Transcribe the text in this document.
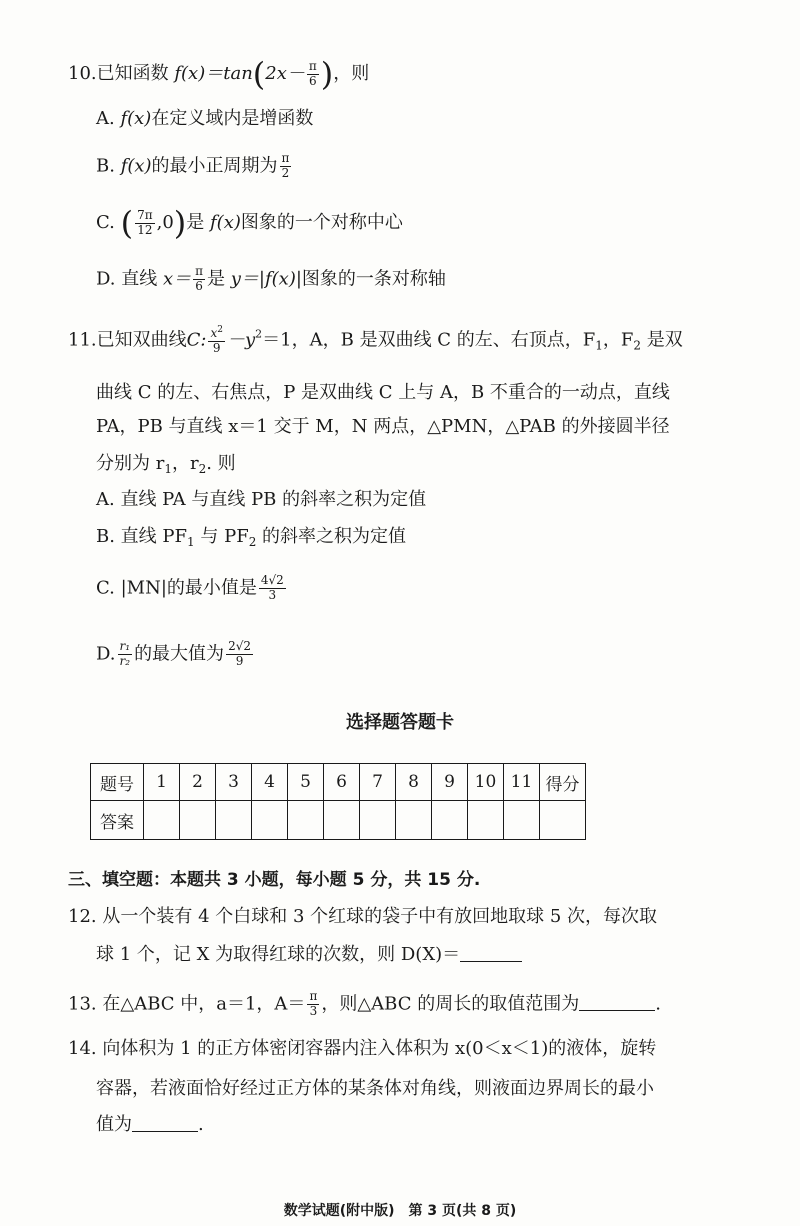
10.已知函数 $f(x)=\tan(2x- \frac{\pi}{6}$ )，则
A. f(x)在定义域内是增函数
B. f(x)的最小正周期为 $\frac{\pi}{2}$
C. ( $\frac{7\pi}{12} ,0$)是 f(x)图象的一个对称中心
D. 直线 $x= \frac{\pi}{6}$ 是 y＝|f(x)|图象的一条对称轴
11.已知双曲线C: $\frac{x^2}{9} -y^2=1$，A，B 是双曲线 C 的左、右顶点，$F_1$，$F_2$ 是双
曲线 C 的左、右焦点，P 是双曲线 C 上与 A，B 不重合的一动点，直线
PA，PB 与直线 x＝1 交于 M，N 两点，△PMN，△PAB 的外接圆半径
分别为 $r_1$，$r_2$. 则
A. 直线 PA 与直线 PB 的斜率之积为定值
B. 直线 $PF_1$ 与 $PF_2$ 的斜率之积为定值
C. |MN|的最小值是 $\frac{4√2}{3}$
D. $\frac{\text{r₁}}{\text{r₂}}$ 的最大值为 $\frac{2√2}{9}$
选择题答题卡
题号	1	2	3	4	5	6	7	8	9	10	11	得分
答案												
三、填空题：本题共 3 小题，每小题 5 分，共 15 分.
12. 从一个装有 4 个白球和 3 个红球的袋子中有放回地取球 5 次，每次取
球 1 个，记 X 为取得红球的次数，则 D(X)＝
13. 在△ABC 中，a＝1，$A= \frac{\pi}{3}$ ，则△ABC 的周长的取值范围为	.
14. 向体积为 1 的正方体密闭容器内注入体积为 x(0＜x＜1)的液体，旋转
容器，若液面恰好经过正方体的某条体对角线，则液面边界周长的最小
值为	.
数学试题(附中版)　第 3 页(共 8 页)
